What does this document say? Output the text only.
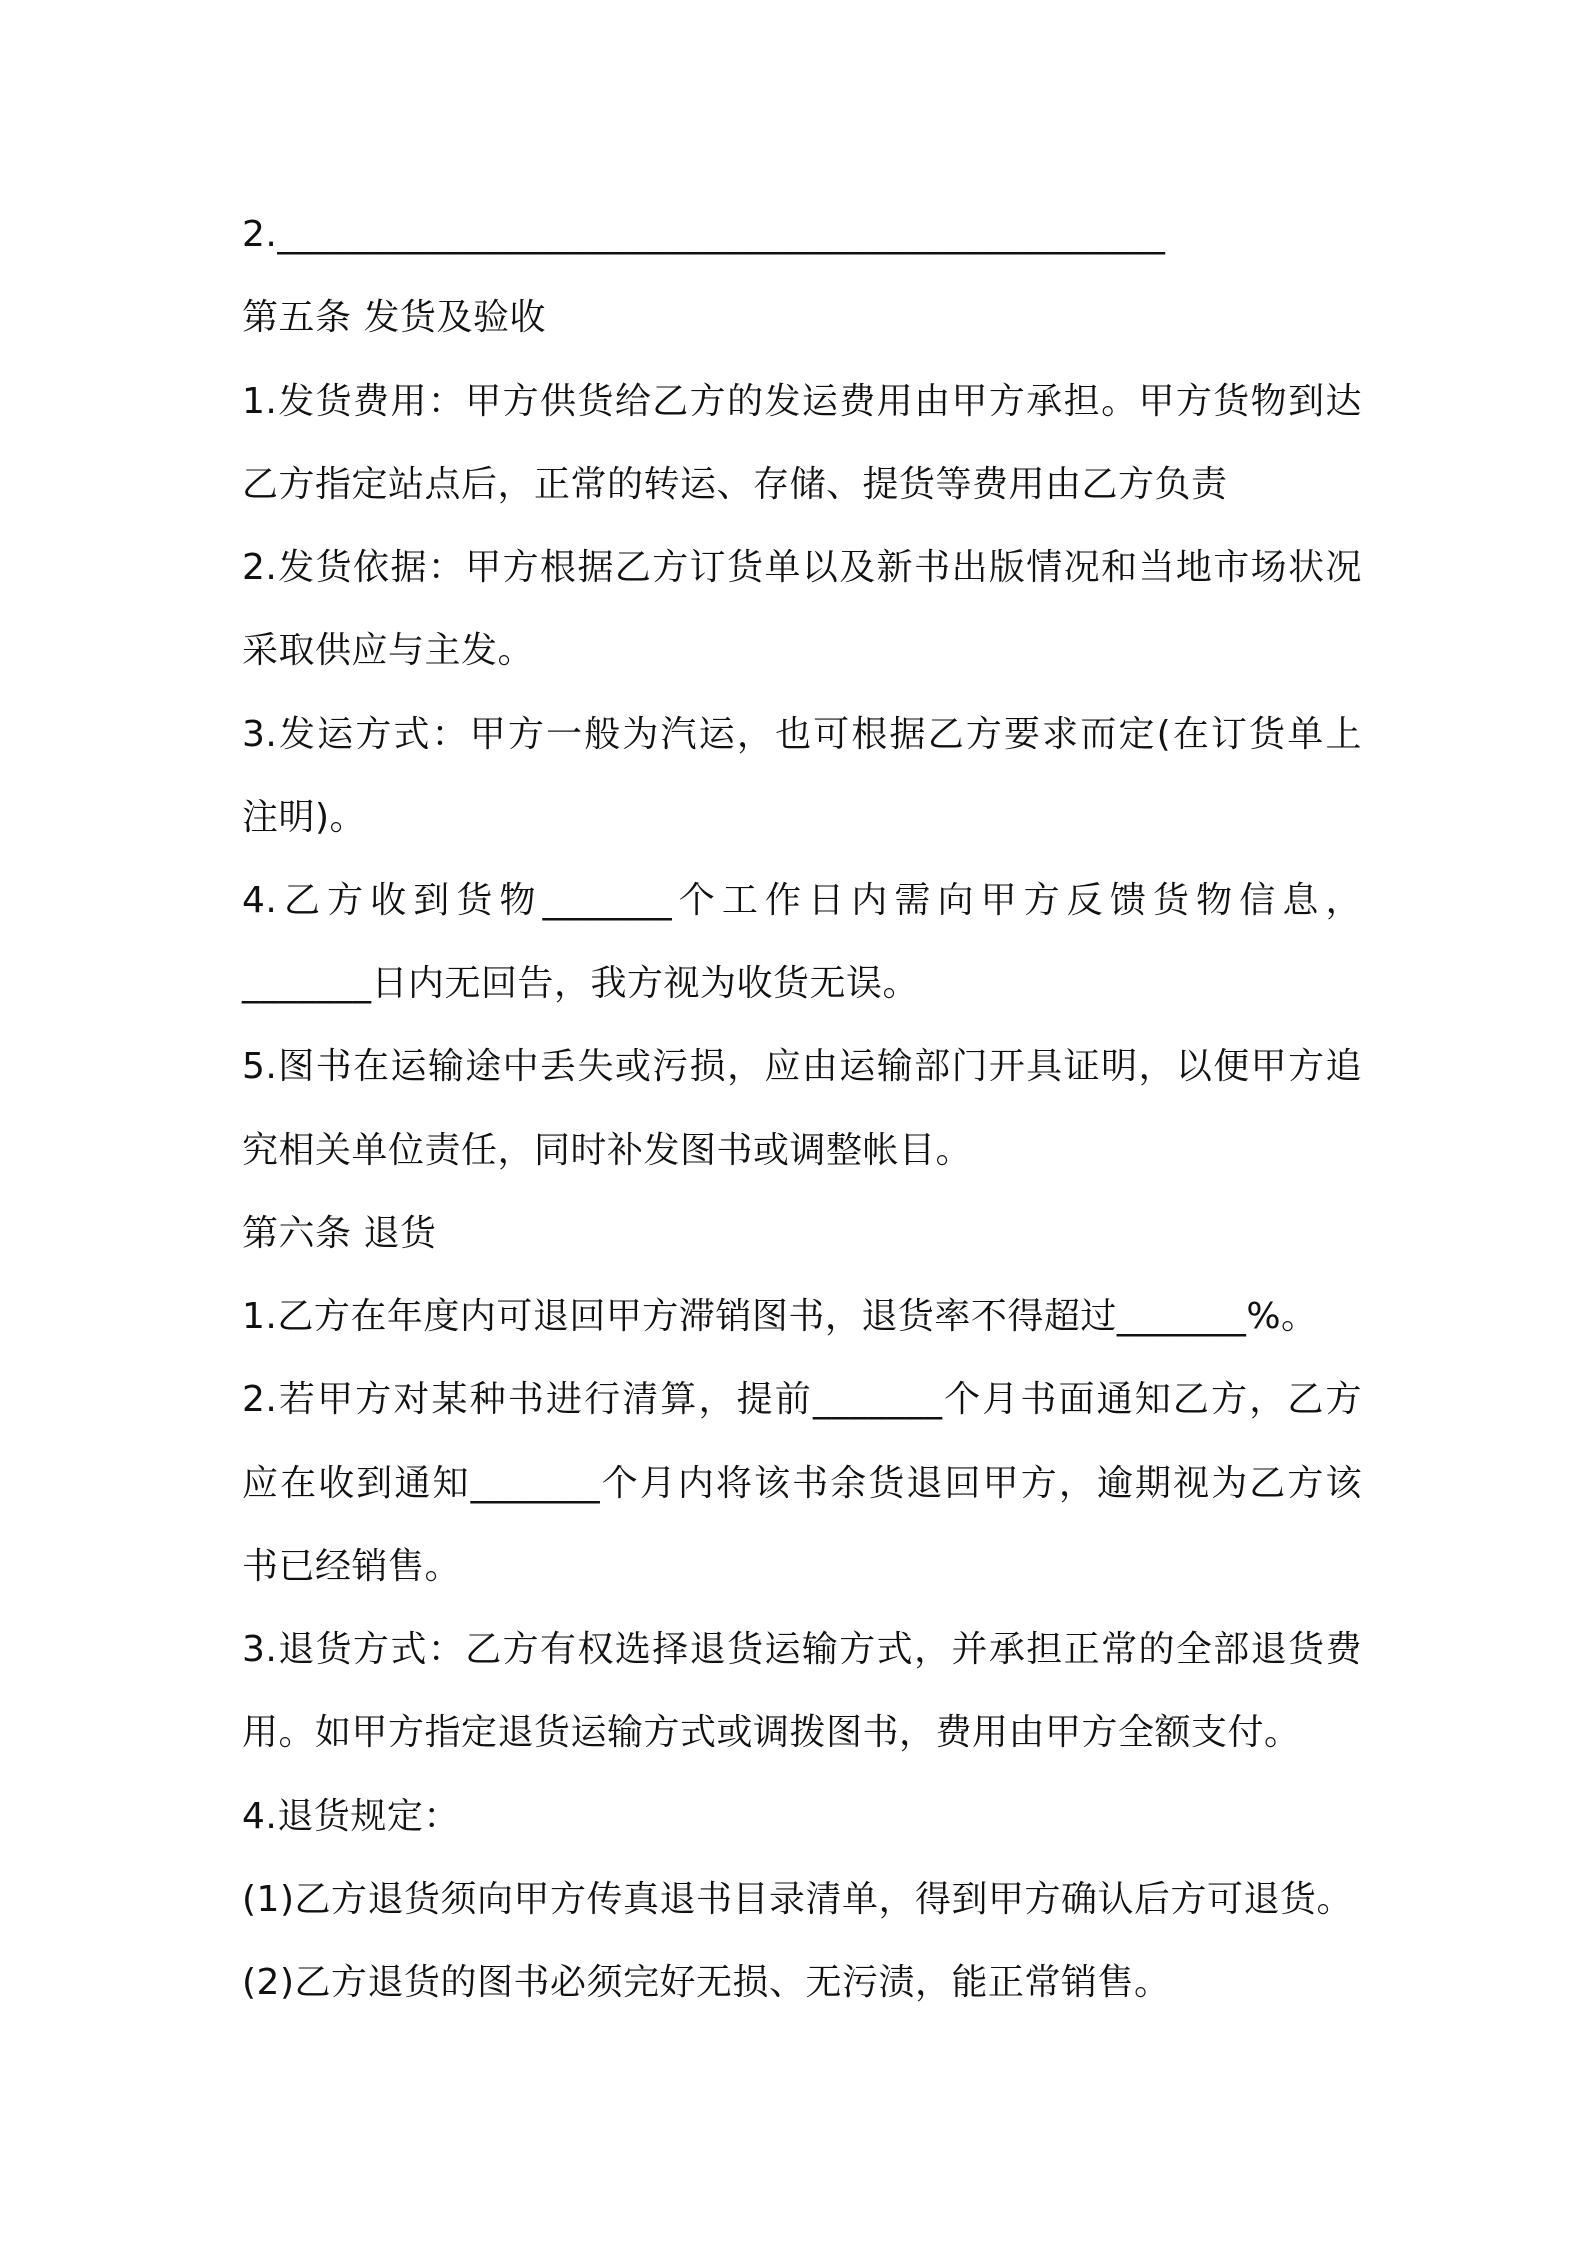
2.________________________________________________
第五条 发货及验收
1.发货费用：甲方供货给乙方的发运费用由甲方承担。甲方货物到达
乙方指定站点后，正常的转运、存储、提货等费用由乙方负责
2.发货依据：甲方根据乙方订货单以及新书出版情况和当地市场状况
采取供应与主发。
3.发运方式：甲方一般为汽运，也可根据乙方要求而定(在订货单上
注明)。
4.乙方收到货物_______个工作日内需向甲方反馈货物信息，
_______日内无回告，我方视为收货无误。
5.图书在运输途中丢失或污损，应由运输部门开具证明，以便甲方追
究相关单位责任，同时补发图书或调整帐目。
第六条 退货
1.乙方在年度内可退回甲方滞销图书，退货率不得超过_______%。
2.若甲方对某种书进行清算，提前_______个月书面通知乙方，乙方
应在收到通知_______个月内将该书余货退回甲方，逾期视为乙方该
书已经销售。
3.退货方式：乙方有权选择退货运输方式，并承担正常的全部退货费
用。如甲方指定退货运输方式或调拨图书，费用由甲方全额支付。
4.退货规定：
(1)乙方退货须向甲方传真退书目录清单，得到甲方确认后方可退货。
(2)乙方退货的图书必须完好无损、无污渍，能正常销售。
